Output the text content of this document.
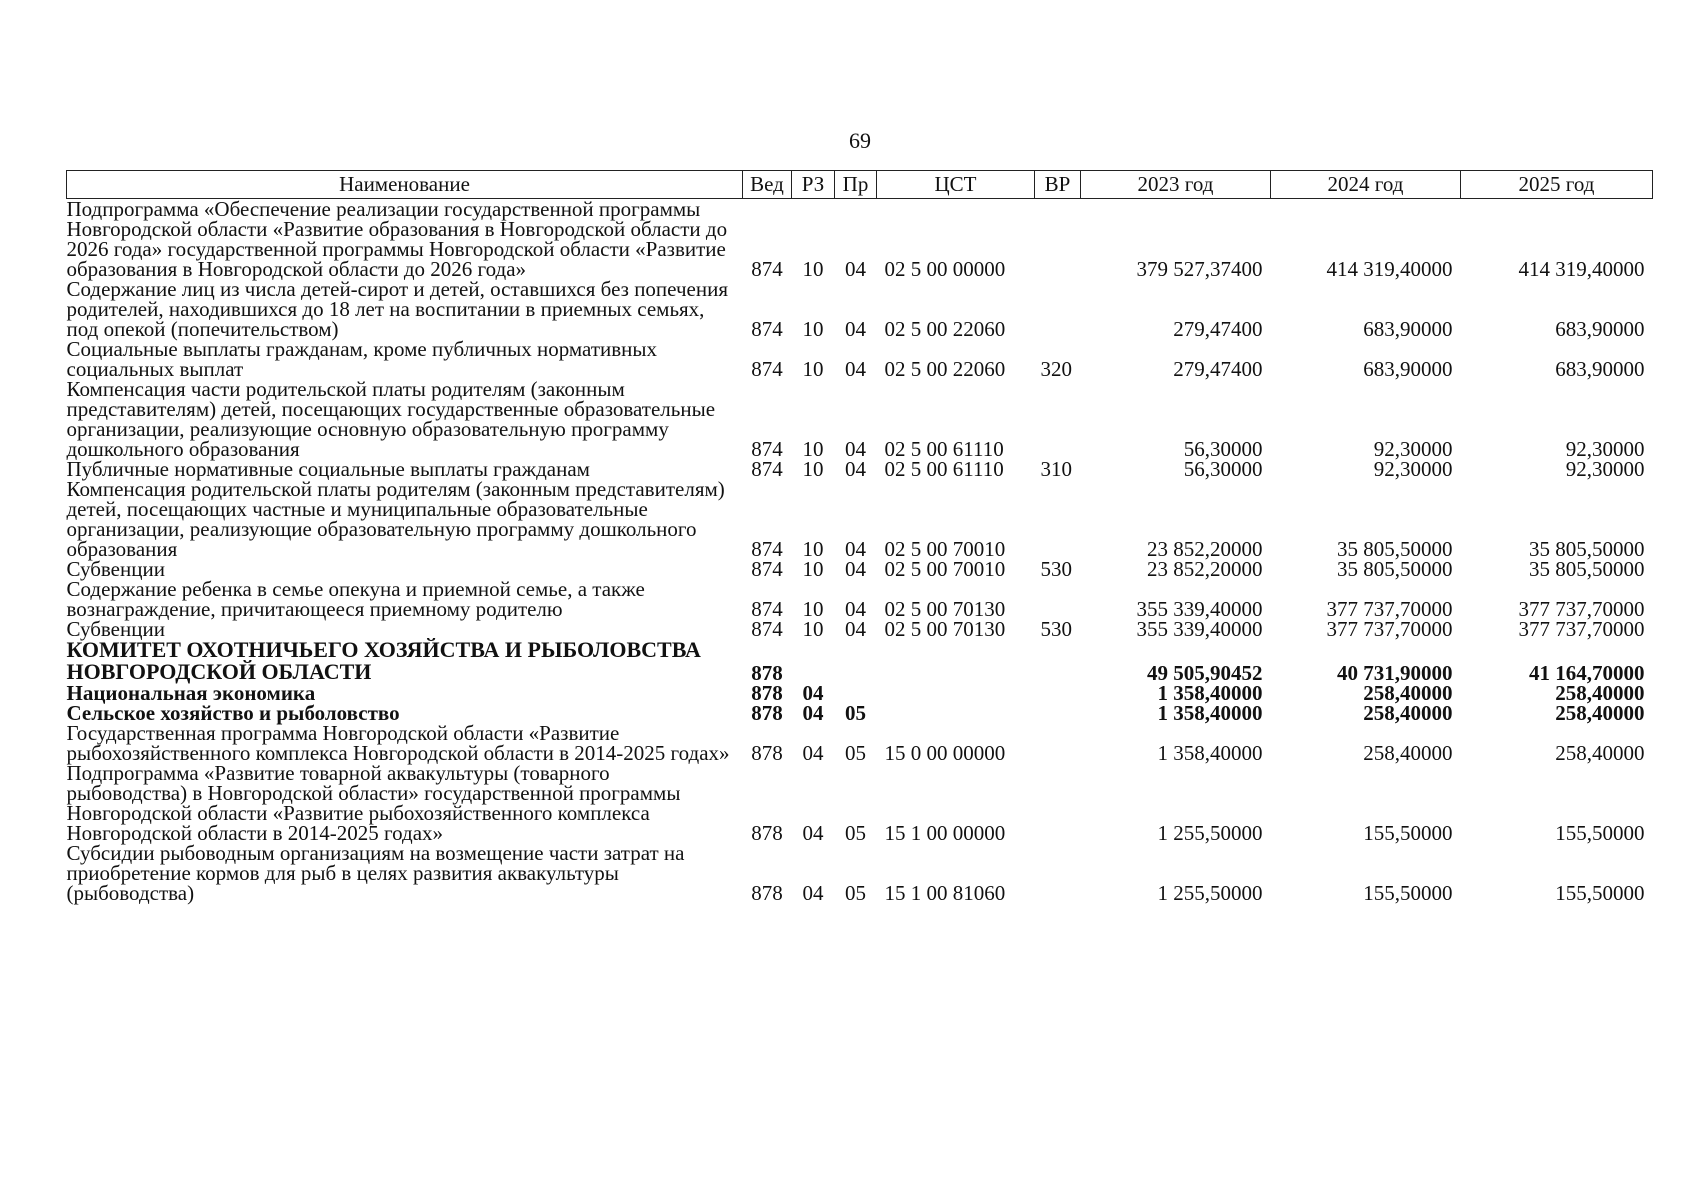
69
Наименование	Вед	РЗ	Пр	ЦСТ	ВР	2023 год	2024 год	2025 год
Подпрограмма «Обеспечение реализации государственной программы Новгородской области «Развитие образования в Новгородской области до 2026 года» государственной программы Новгородской области «Развитие образования в Новгородской области до 2026 года»	874	10	04	02 5 00 00000		379 527,37400	414 319,40000	414 319,40000
Содержание лиц из числа детей-сирот и детей, оставшихся без попечения родителей, находившихся до 18 лет на воспитании в приемных семьях, под опекой (попечительством)	874	10	04	02 5 00 22060		279,47400	683,90000	683,90000
Социальные выплаты гражданам, кроме публичных нормативных социальных выплат	874	10	04	02 5 00 22060	320	279,47400	683,90000	683,90000
Компенсация части родительской платы родителям (законным представителям) детей, посещающих государственные образовательные организации, реализующие основную образовательную программу дошкольного образования	874	10	04	02 5 00 61110		56,30000	92,30000	92,30000
Публичные нормативные социальные выплаты гражданам	874	10	04	02 5 00 61110	310	56,30000	92,30000	92,30000
Компенсация родительской платы родителям (законным представителям) детей, посещающих частные и муниципальные образовательные организации, реализующие образовательную программу дошкольного образования	874	10	04	02 5 00 70010		23 852,20000	35 805,50000	35 805,50000
Субвенции	874	10	04	02 5 00 70010	530	23 852,20000	35 805,50000	35 805,50000
Содержание ребенка в семье опекуна и приемной семье, а также вознаграждение, причитающееся приемному родителю	874	10	04	02 5 00 70130		355 339,40000	377 737,70000	377 737,70000
Субвенции	874	10	04	02 5 00 70130	530	355 339,40000	377 737,70000	377 737,70000
КОМИТЕТ ОХОТНИЧЬЕГО ХОЗЯЙСТВА И РЫБОЛОВСТВА НОВГОРОДСКОЙ ОБЛАСТИ	878					49 505,90452	40 731,90000	41 164,70000
Национальная экономика	878	04				1 358,40000	258,40000	258,40000
Сельское хозяйство и рыболовство	878	04	05			1 358,40000	258,40000	258,40000
Государственная программа Новгородской области «Развитие рыбохозяйственного комплекса Новгородской области в 2014-2025 годах»	878	04	05	15 0 00 00000		1 358,40000	258,40000	258,40000
Подпрограмма «Развитие товарной аквакультуры (товарного рыбоводства) в Новгородской области» государственной программы Новгородской области «Развитие рыбохозяйственного комплекса Новгородской области в 2014-2025 годах»	878	04	05	15 1 00 00000		1 255,50000	155,50000	155,50000
Субсидии рыбоводным организациям на возмещение части затрат на приобретение кормов для рыб в целях развития аквакультуры (рыбоводства)	878	04	05	15 1 00 81060		1 255,50000	155,50000	155,50000
